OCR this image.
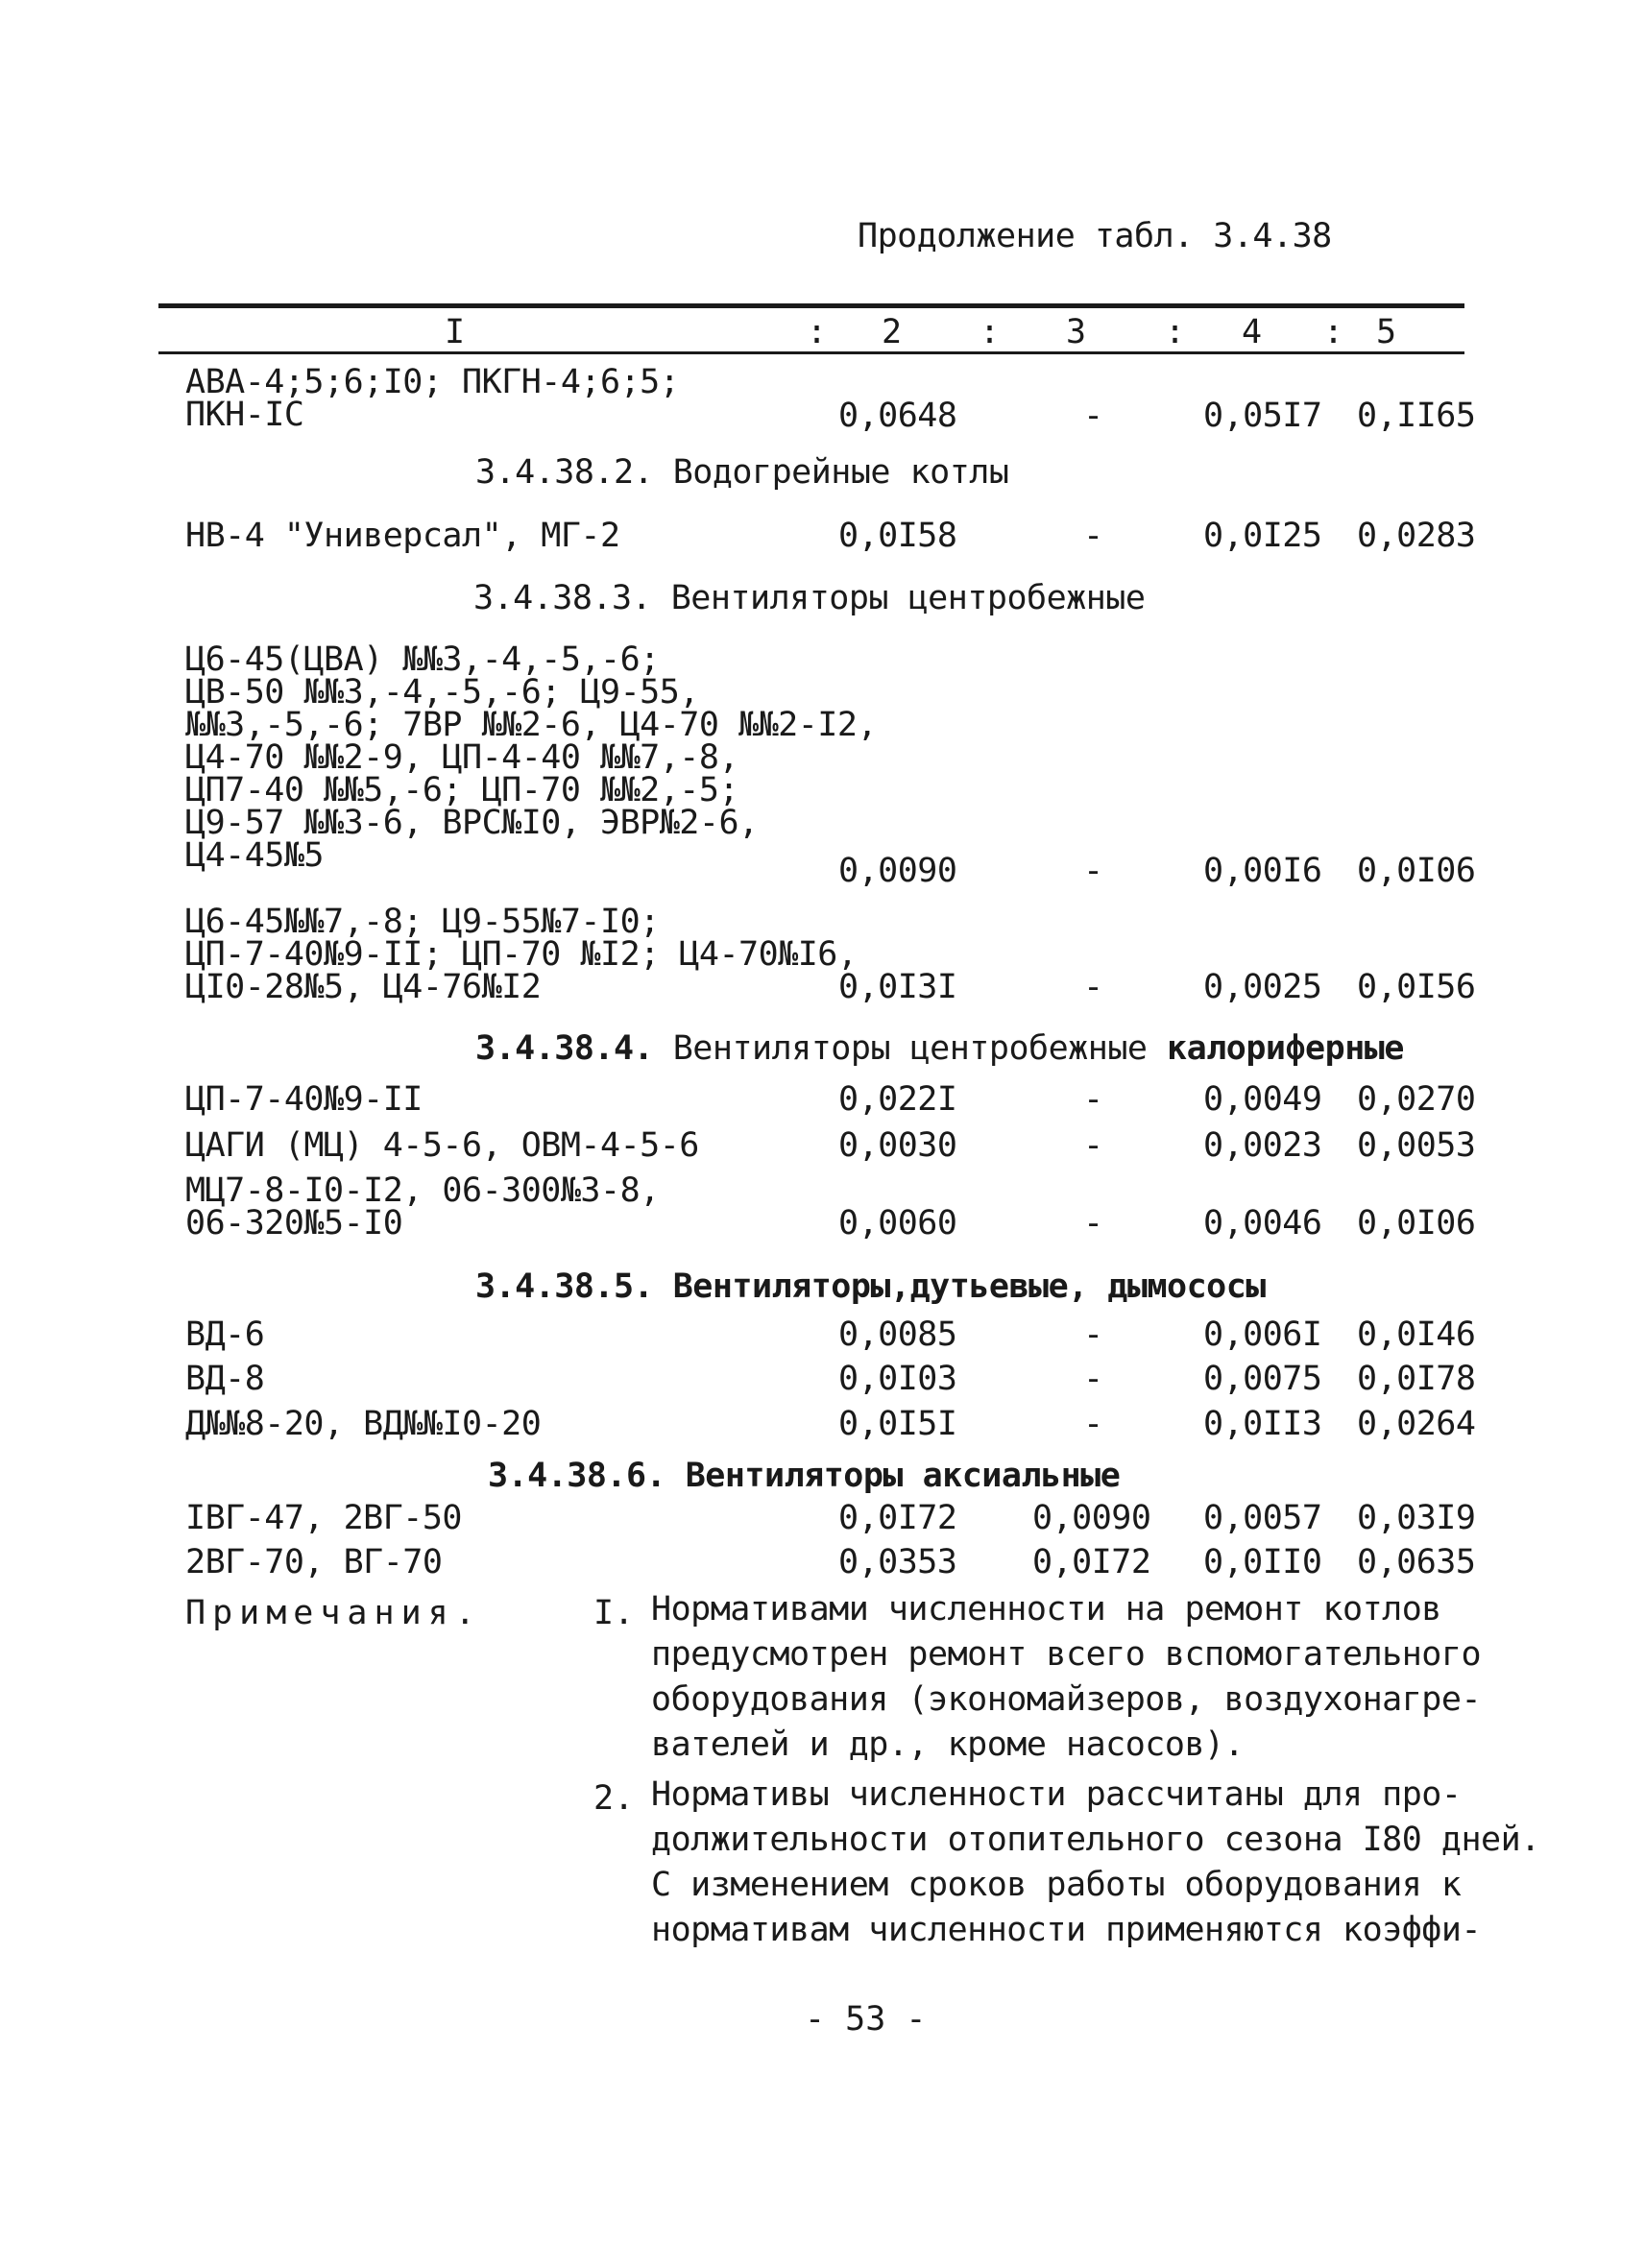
Продолжение табл. 3.4.38
I	: 2 : 3 : 4 : 5
АВА-4;5;6;I0; ПКГН-4;6;5;
ПКН-IС	0,0648	-	0,05I7 0,II65
3.4.38.2. Водогрейные котлы
НВ-4 "Универсал", МГ-2	0,0I58	-	0,0I25 0,0283
3.4.38.3. Вентиляторы центробежные
Ц6-45(ЦВА) №№3,-4,-5,-6;
ЦВ-50 №№3,-4,-5,-6; Ц9-55,
№№3,-5,-6; 7ВР №№2-6, Ц4-70 №№2-I2,
Ц4-70 №№2-9, ЦП-4-40 №№7,-8,
ЦП7-40 №№5,-6; ЦП-70 №№2,-5;
Ц9-57 №№3-6, ВРС№I0, ЭВР№2-6,
Ц4-45№5	0,0090	-	0,00I6 0,0I06
Ц6-45№№7,-8; Ц9-55№7-I0;
ЦП-7-40№9-II; ЦП-70 №I2; Ц4-70№I6,
ЦI0-28№5, Ц4-76№I2	0,0I3I	-	0,0025 0,0I56
3.4.38.4. Вентиляторы центробежные калориферные
ЦП-7-40№9-II	0,022I	-	0,0049 0,0270
ЦАГИ (МЦ) 4-5-6, ОВМ-4-5-6	0,0030	-	0,0023 0,0053
МЦ7-8-I0-I2, 06-300№3-8,
06-320№5-I0	0,0060	-	0,0046 0,0I06
3.4.38.5. Вентиляторы,дутьевые, дымососы
ВД-6	0,0085	-	0,006I 0,0I46
ВД-8	0,0I03	-	0,0075 0,0I78
Д№№8-20, ВД№№I0-20	0,0I5I	-	0,0II3 0,0264
3.4.38.6. Вентиляторы аксиальные
IВГ-47, 2ВГ-50	0,0I72 0,0090 0,0057 0,03I9
2ВГ-70, ВГ-70	0,0353 0,0I72 0,0II0 0,0635
Примечания.	I. Нормативами численности на ремонт котлов
предусмотрен ремонт всего вспомогательного
оборудования (экономайзеров, воздухонагре-
вателей и др., кроме насосов).
2. Нормативы численности рассчитаны для про-
должительности отопительного сезона I80 дней.
С изменением сроков работы оборудования к
нормативам численности применяются коэффи-
- 53 -
